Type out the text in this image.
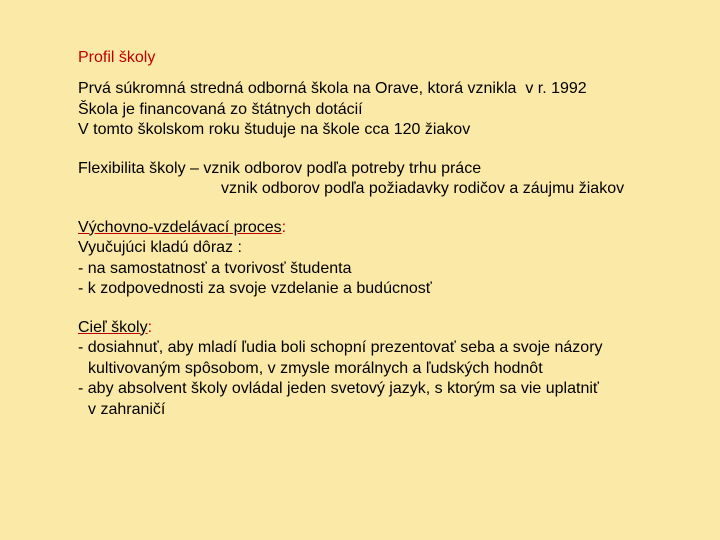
Profil školy
Prvá súkromná stredná odborná škola na Orave, ktorá vznikla  v r. 1992
Škola je financovaná zo štátnych dotácií
V tomto školskom roku študuje na škole cca 120 žiakov
Flexibilita školy – vznik odborov podľa potreby trhu práce
vznik odborov podľa požiadavky rodičov a záujmu žiakov
Výchovno-vzdelávací proces:
Vyučujúci kladú dôraz :
- na samostatnosť a tvorivosť študenta
- k zodpovednosti za svoje vzdelanie a budúcnosť
Cieľ školy:
- dosiahnuť, aby mladí ľudia boli schopní prezentovať seba a svoje názory
kultivovaným spôsobom, v zmysle morálnych a ľudských hodnôt
- aby absolvent školy ovládal jeden svetový jazyk, s ktorým sa vie uplatniť
v zahraničí
